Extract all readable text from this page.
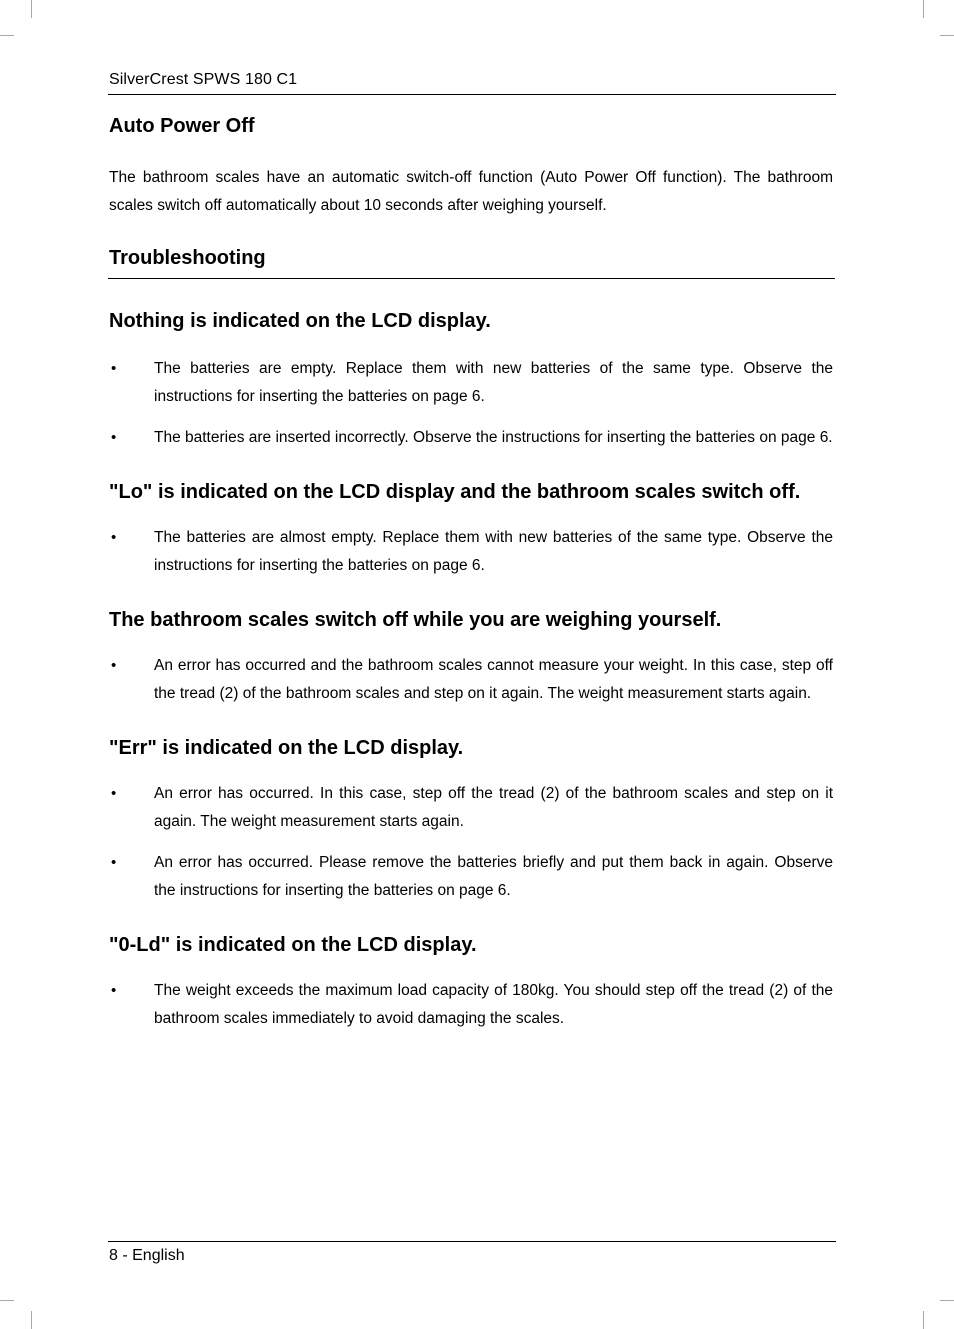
SilverCrest SPWS 180 C1
Auto Power Off

The bathroom scales have an automatic switch-off function (Auto Power Off function). The bathroom scales switch off automatically about 10 seconds after weighing yourself.

Troubleshooting
Nothing is indicated on the LCD display.
• The batteries are empty. Replace them with new batteries of the same type. Observe the instructions for inserting the batteries on page 6.
• The batteries are inserted incorrectly. Observe the instructions for inserting the batteries on page 6.
"Lo" is indicated on the LCD display and the bathroom scales switch off.
• The batteries are almost empty. Replace them with new batteries of the same type. Observe the instructions for inserting the batteries on page 6.
The bathroom scales switch off while you are weighing yourself.
• An error has occurred and the bathroom scales cannot measure your weight. In this case, step off the tread (2) of the bathroom scales and step on it again. The weight measurement starts again.
"Err" is indicated on the LCD display.
• An error has occurred. In this case, step off the tread (2) of the bathroom scales and step on it again. The weight measurement starts again.
• An error has occurred. Please remove the batteries briefly and put them back in again. Observe the instructions for inserting the batteries on page 6.
"0-Ld" is indicated on the LCD display.
• The weight exceeds the maximum load capacity of 180kg. You should step off the tread (2) of the bathroom scales immediately to avoid damaging the scales.
8 - English
